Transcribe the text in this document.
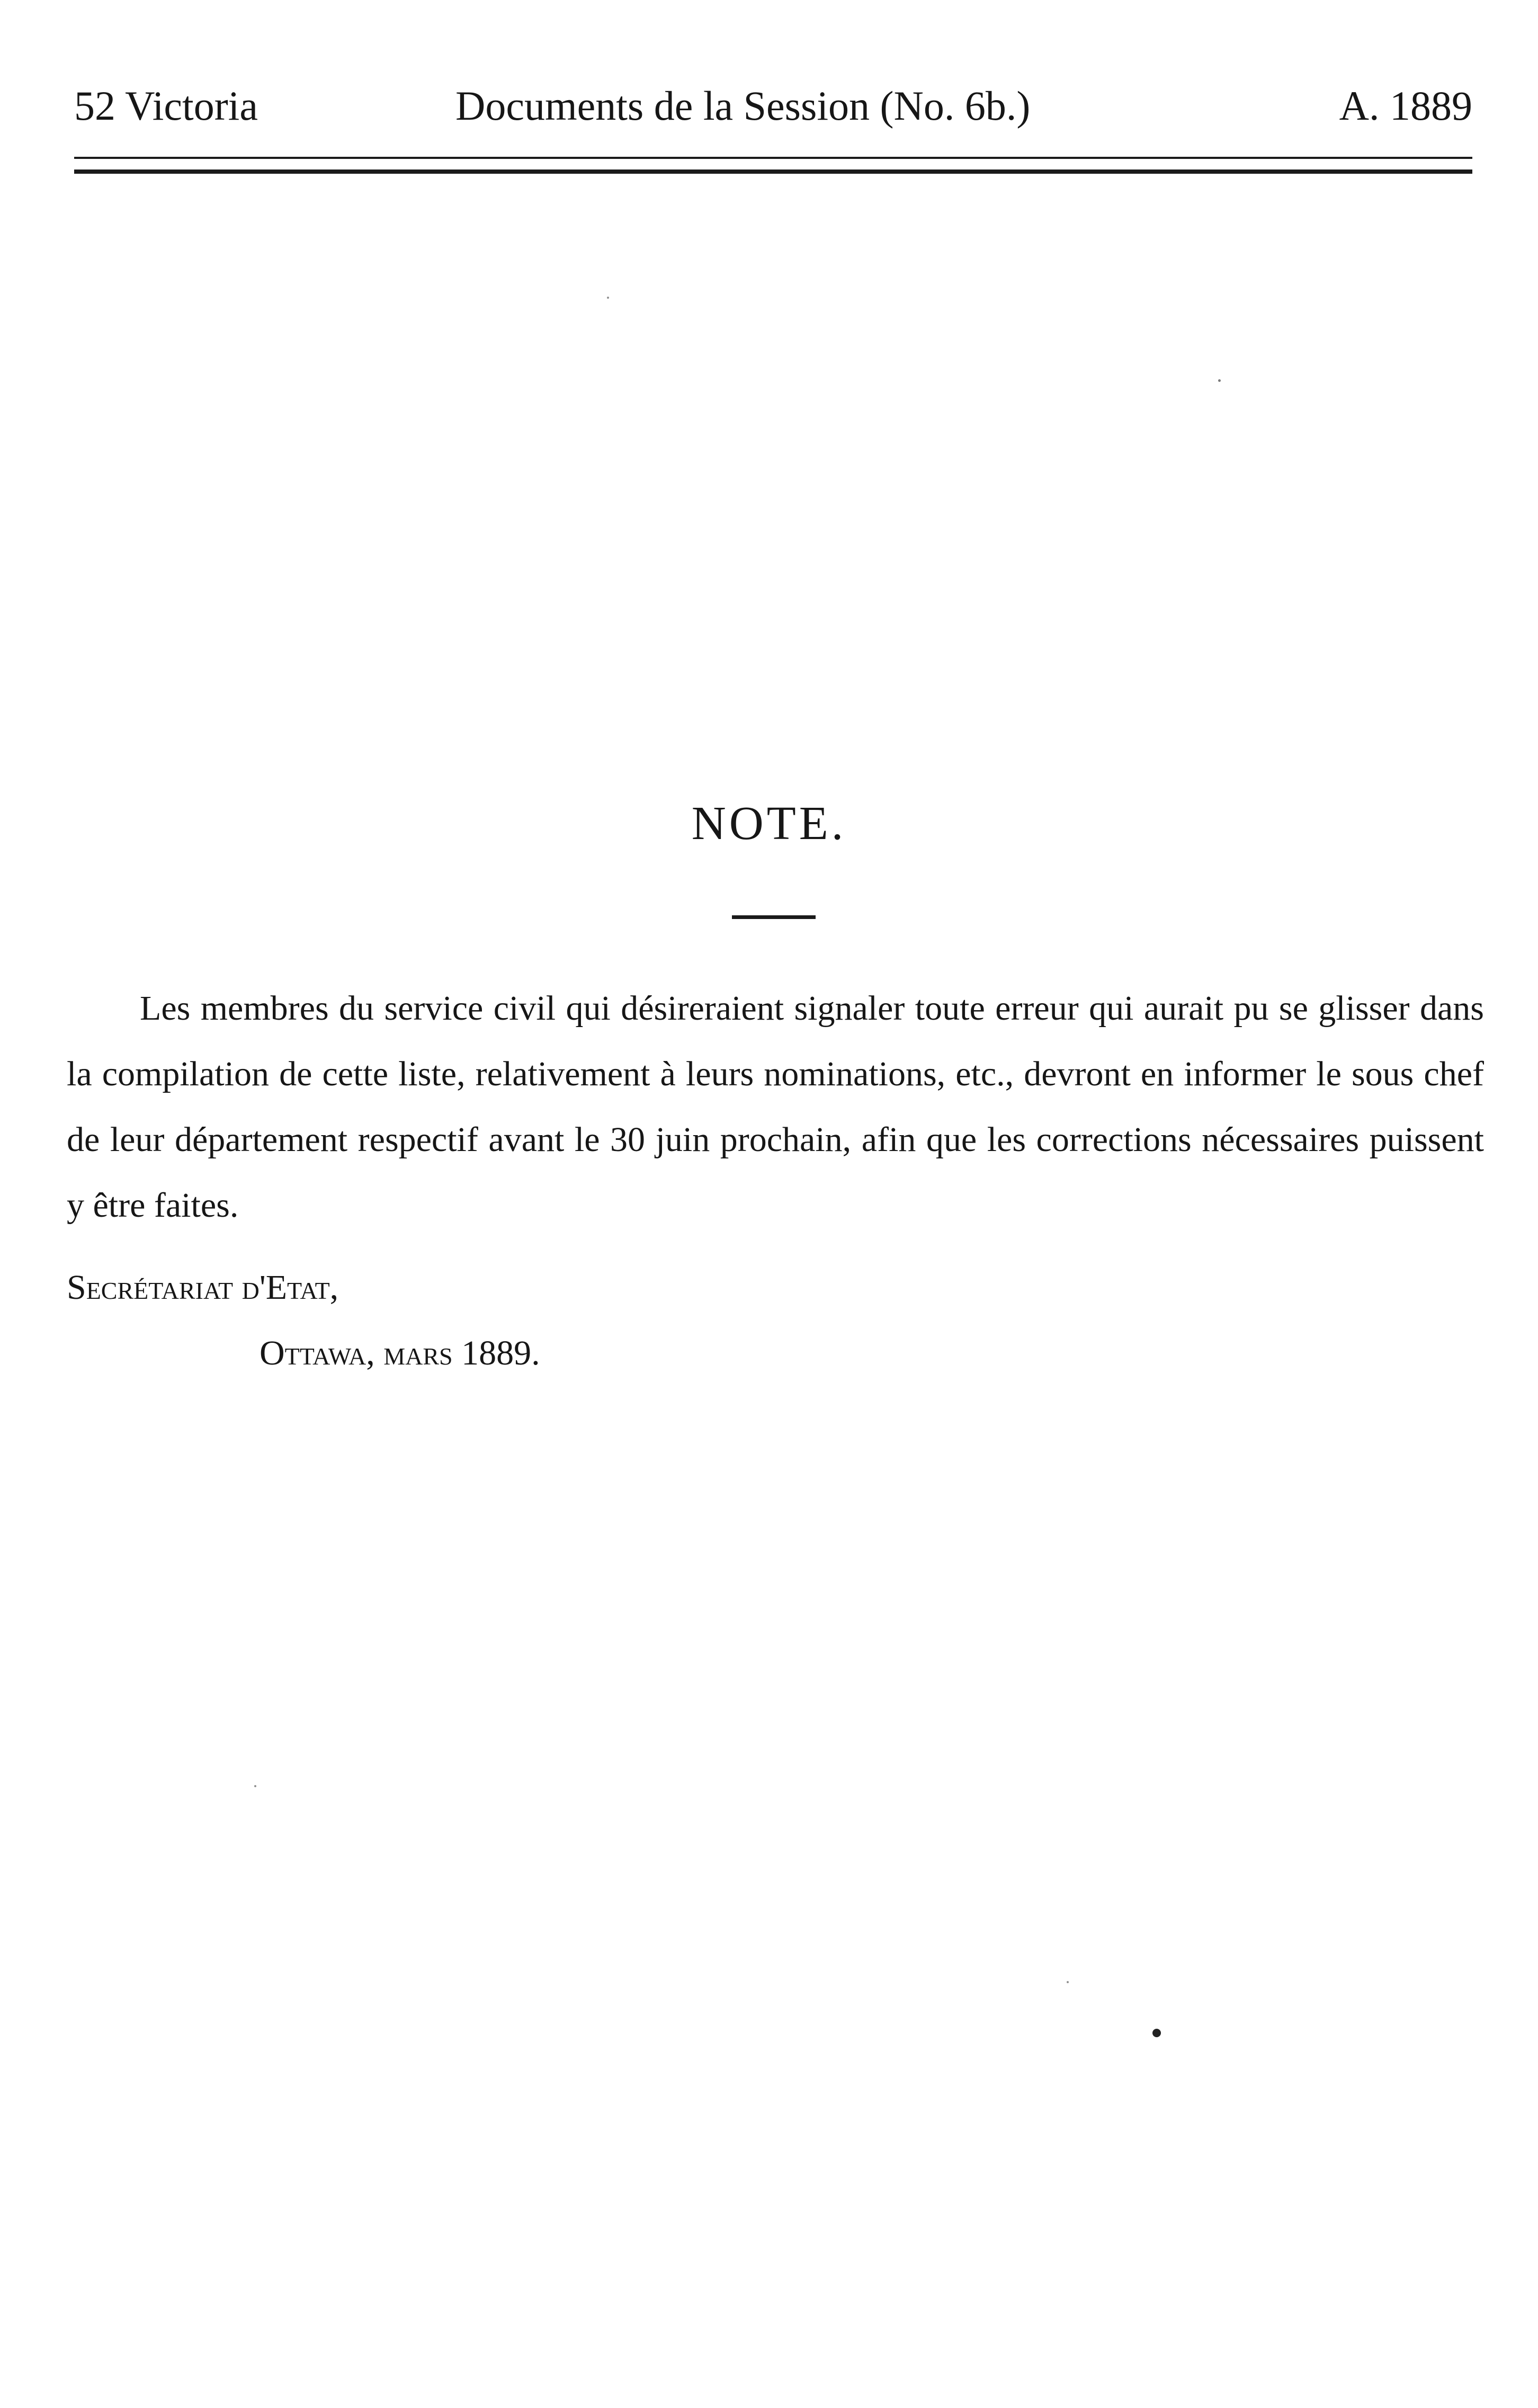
52 Victoria	Documents de la Session (No. 6b.)	A. 1889
NOTE.

Les membres du service civil qui désireraient signaler toute erreur qui aurait pu se glisser dans la compilation de cette liste, relativement à leurs nominations, etc., devront en informer le sous chef de leur département respectif avant le 30 juin prochain, afin que les corrections nécessaires puissent y être faites.

Secrétariat d'Etat,
Ottawa, mars 1889.
